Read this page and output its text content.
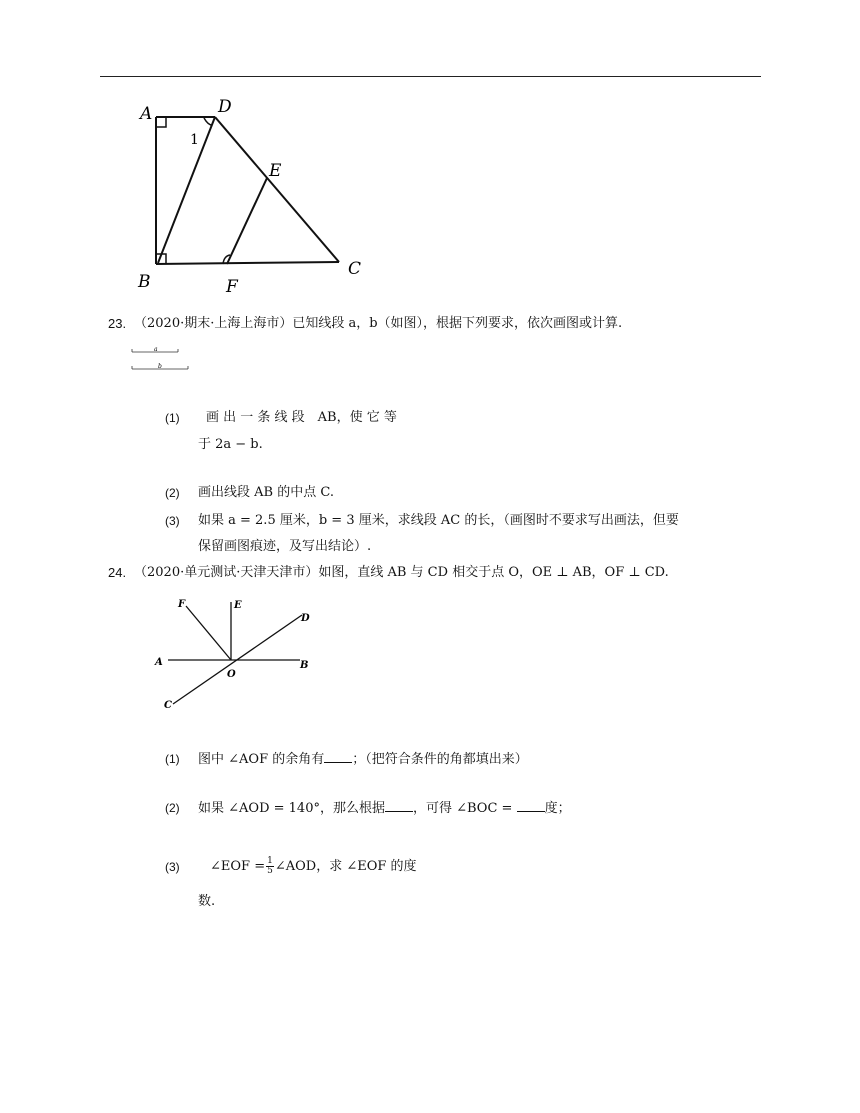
A	D
1
E
B	F
C
23. （2020·期末·上海上海市）已知线段 a，b（如图），根据下列要求，依次画图或计算.
a
b
(1) 画 出 一 条 线 段　AB，使 它 等
于 2a − b.
(2) 画出线段 AB 的中点 C.
(3) 如果 a = 2.5 厘米，b = 3 厘米，求线段 AC 的长，（画图时不要求写出画法，但要
保留画图痕迹，及写出结论）.
24. （2020·单元测试·天津天津市）如图，直线 AB 与 CD 相交于点 O，OE ⊥ AB，OF ⊥ CD.
F	E
D
A
O
B
C
(1) 图中 ∠AOF 的余角有 ；（把符合条件的角都填出来）
(2) 如果 ∠AOD = 140°，那么根据 ，可得 ∠BOC = 度；
(3) ∠EOF = $\frac{1}{5}$ ∠AOD，求 ∠EOF 的度
数.
